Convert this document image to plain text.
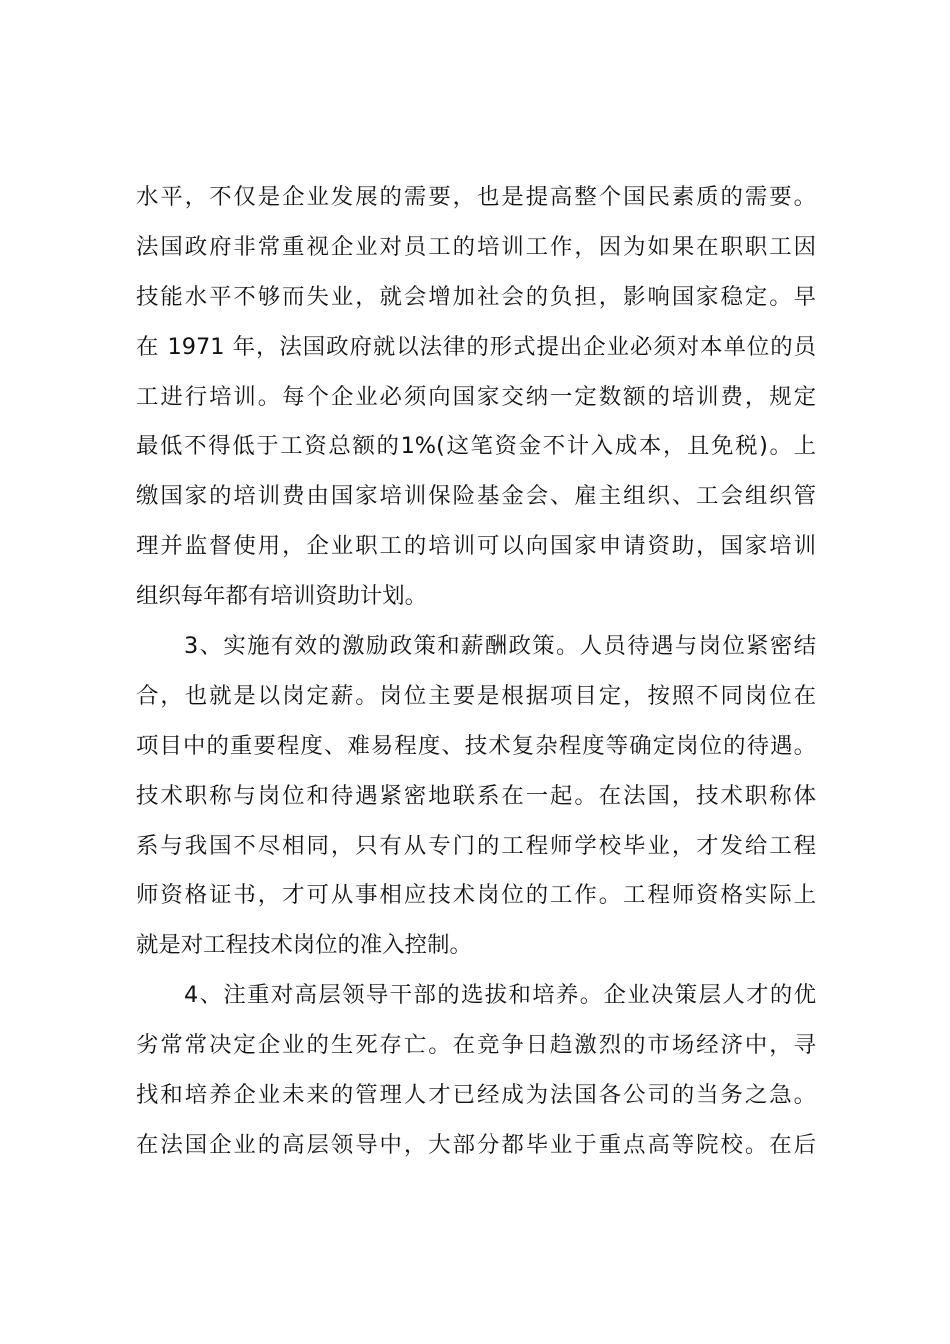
水平，不仅是企业发展的需要，也是提高整个国民素质的需要。
法国政府非常重视企业对员工的培训工作，因为如果在职职工因
技能水平不够而失业，就会增加社会的负担，影响国家稳定。早
在 1971 年，法国政府就以法律的形式提出企业必须对本单位的员
工进行培训。每个企业必须向国家交纳一定数额的培训费，规定
最低不得低于工资总额的1%(这笔资金不计入成本，且免税)。上
缴国家的培训费由国家培训保险基金会、雇主组织、工会组织管
理并监督使用，企业职工的培训可以向国家申请资助，国家培训
组织每年都有培训资助计划。
3、实施有效的激励政策和薪酬政策。人员待遇与岗位紧密结
合，也就是以岗定薪。岗位主要是根据项目定，按照不同岗位在
项目中的重要程度、难易程度、技术复杂程度等确定岗位的待遇。
技术职称与岗位和待遇紧密地联系在一起。在法国，技术职称体
系与我国不尽相同，只有从专门的工程师学校毕业，才发给工程
师资格证书，才可从事相应技术岗位的工作。工程师资格实际上
就是对工程技术岗位的准入控制。
4、注重对高层领导干部的选拔和培养。企业决策层人才的优
劣常常决定企业的生死存亡。在竞争日趋激烈的市场经济中，寻
找和培养企业未来的管理人才已经成为法国各公司的当务之急。
在法国企业的高层领导中，大部分都毕业于重点高等院校。在后
